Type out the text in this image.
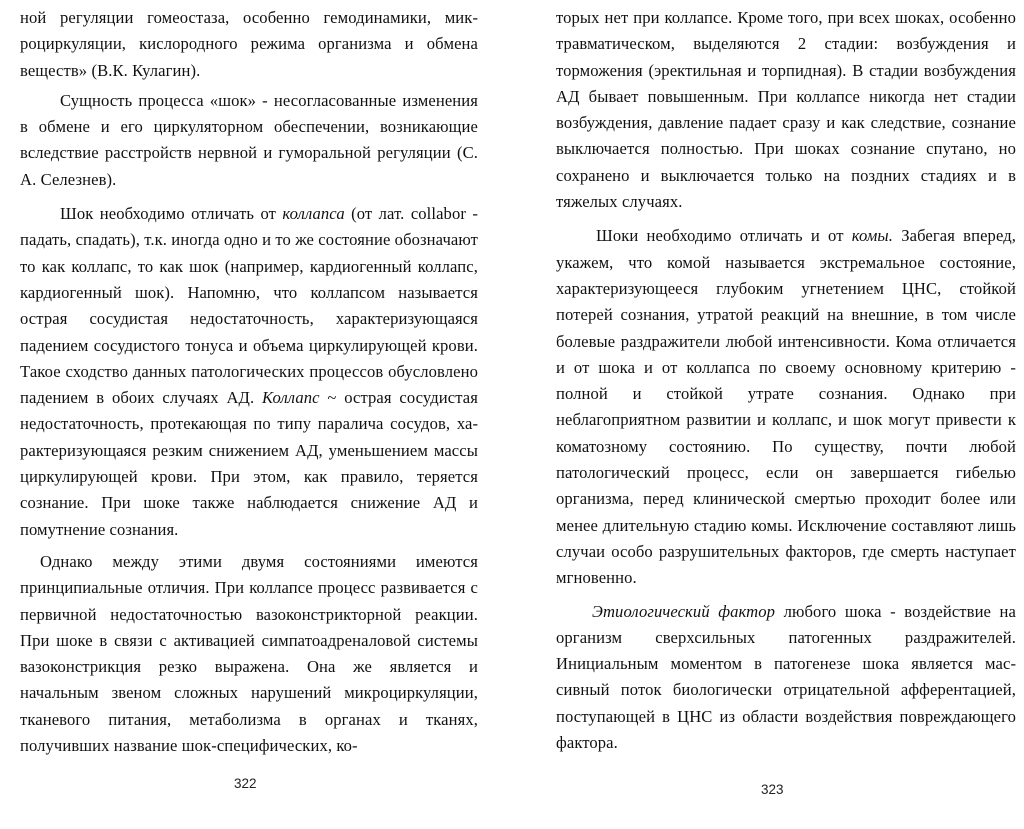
ной регуляции гомеостаза, особенно гемодинамики, микроциркуляции, кислородного режима организма и обмена веществ» (В.К. Кулагин).

Сущность процесса «шок» - несогласованные изменения в обмене и его циркуляторном обеспечении, возникающие вследствие расстройств нервной и гуморальной регуляции (С. А. Селезнев).

Шок необходимо отличать от коллапса (от лат. collabor - падать, спадать), т.к. иногда одно и то же состояние обозначают то как коллапс, то как шок (например, кардиогенный коллапс, кардиогенный шок). Напомню, что коллапсом называется острая сосудистая недостаточность, характеризующаяся падением сосудистого тонуса и объема циркулирующей крови. Такое сходство данных патологических процессов обусловлено падением в обоих случаях АД. Коллапс ~ острая сосудистая недостаточность, протекающая по типу паралича сосудов, характеризующаяся резким снижением АД, уменьшением массы циркулирующей крови. При этом, как правило, теряется сознание. При шоке также наблюдается снижение АД и помутнение сознания.

Однако между этими двумя состояниями имеются принципиальные отличия. При коллапсе процесс развивается с первичной недостаточностью вазоконстрикторной реакции. При шоке в связи с активацией симпатоадреналовой системы вазоконстрикция резко выражена. Она же является и начальным звеном сложных нарушений микроциркуляции, тканевого питания, метаболизма в органах и тканях, получивших название шок-специфических, ко-

торых нет при коллапсе. Кроме того, при всех шоках, особенно травматическом, выделяются 2 стадии: возбуждения и торможения (эректильная и торпидная). В стадии возбуждения АД бывает повышенным. При коллапсе никогда нет стадии возбуждения, давление падает сразу и как следствие, сознание выключается полностью. При шоках сознание спутано, но сохранено и выключается только на поздних стадиях и в тяжелых случаях.

Шоки необходимо отличать и от комы. Забегая вперед, укажем, что комой называется экстремальное состояние, характеризующееся глубоким угнетением ЦНС, стойкой потерей сознания, утратой реакций на внешние, в том числе болевые раздражители любой интенсивности. Кома отличается и от шока и от коллапса по своему основному критерию - полной и стойкой утрате сознания. Однако при неблагоприятном развитии и коллапс, и шок могут привести к коматозному состоянию. По существу, почти любой патологический процесс, если он завершается гибелью организма, перед клинической смертью проходит более или менее длительную стадию комы. Исключение составляют лишь случаи особо разрушительных факторов, где смерть наступает мгновенно.

Этиологический фактор любого шока - воздействие на организм сверхсильных патогенных раздражителей. Инициальным моментом в патогенезе шока является массивный поток биологически отрицательной афферентацией, поступающей в ЦНС из области воздействия повреждающего фактора.

322	323
